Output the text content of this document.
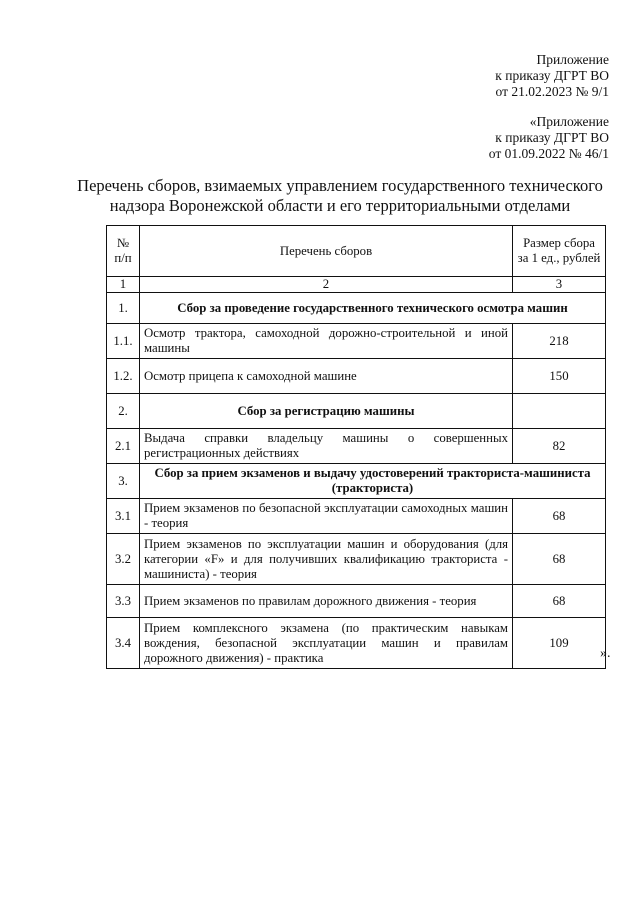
Приложение
к приказу ДГРТ ВО
от 21.02.2023 № 9/1
«Приложение
к приказу ДГРТ ВО
от 01.09.2022 № 46/1
Перечень сборов, взимаемых управлением государственного технического
надзора Воронежской области и его территориальными отделами
№ п/п	Перечень сборов	Размер сбора за 1 ед., рублей
1	2	3
1.	Сбор за проведение государственного технического осмотра машин	
1.1.	Осмотр трактора, самоходной дорожно-строительной и иной машины	218
1.2.	Осмотр прицепа к самоходной машине	150
2.	Сбор за регистрацию машины	
2.1	Выдача справки владельцу машины о совершенных регистрационных действиях	82
3.	Сбор за прием экзаменов и выдачу удостоверений тракториста-машиниста (тракториста)	
3.1	Прием экзаменов по безопасной эксплуатации самоходных машин - теория	68
3.2	Прием экзаменов по эксплуатации машин и оборудования (для категории «F» и для получивших квалификацию тракториста - машиниста) - теория	68
3.3	Прием экзаменов по правилам дорожного движения - теория	68
3.4	Прием комплексного экзамена (по практическим навыкам вождения, безопасной эксплуатации машин и правилам дорожного движения) - практика	109
».
